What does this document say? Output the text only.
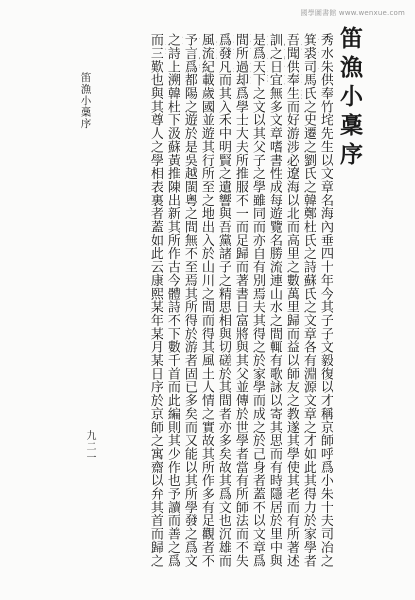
國學圖書館 www.wenxue.com
笛漁小稾序
秀水朱供奉竹垞先生以文章名海內垂四十年今其子子文毅復以才稱京師呼爲小朱十夫司冶之
箕裘司馬氏之史遷之劉氏之韓鄭杜氏之詩蘇氏之文章各有淵源文章之才如此其得力於家學者
吾聞供奉生而好游涉必遼海以北而高里之數萬里歸而益以師友之教遂其學使其老而有所著述
訓之日宜無多文章嗜書性成每遊覽名勝流連山水之間輒有歌詠以寄其思而有時隱居於里中與
是爲天下之文以其父子之學雖同而亦自有別焉夫其得之於家學而成之於己身者蓋不以文章爲
間所過却爲學士大夫所推服不一而足歸而著書日富將與其父並傳於世學者當有所師法而不失
爲發凡而其入禾中明賢之遺響與吾黨諸子之精思相與切磋於其間者亦多矣故其爲文也沉雄而
風流紀載歲國並遊其行所至之地出入於山川之間而得其風土人情之實故其所作多有足觀者不
予言爲都陽之遊於是吳越閩粵之間無不至焉其所得於游者固已多矣而又能以其所學發之爲文
之詩上溯韓杜下汲蘇黃推陳出新其所作古今體詩不下數千首而此編則其少作也予讀而善之爲
而三歎也與其尊人之學相表裏者蓋如此云康熙某年某月某日序於京師之寓齋以弁其首而歸之
笛漁小稾序
九二一
